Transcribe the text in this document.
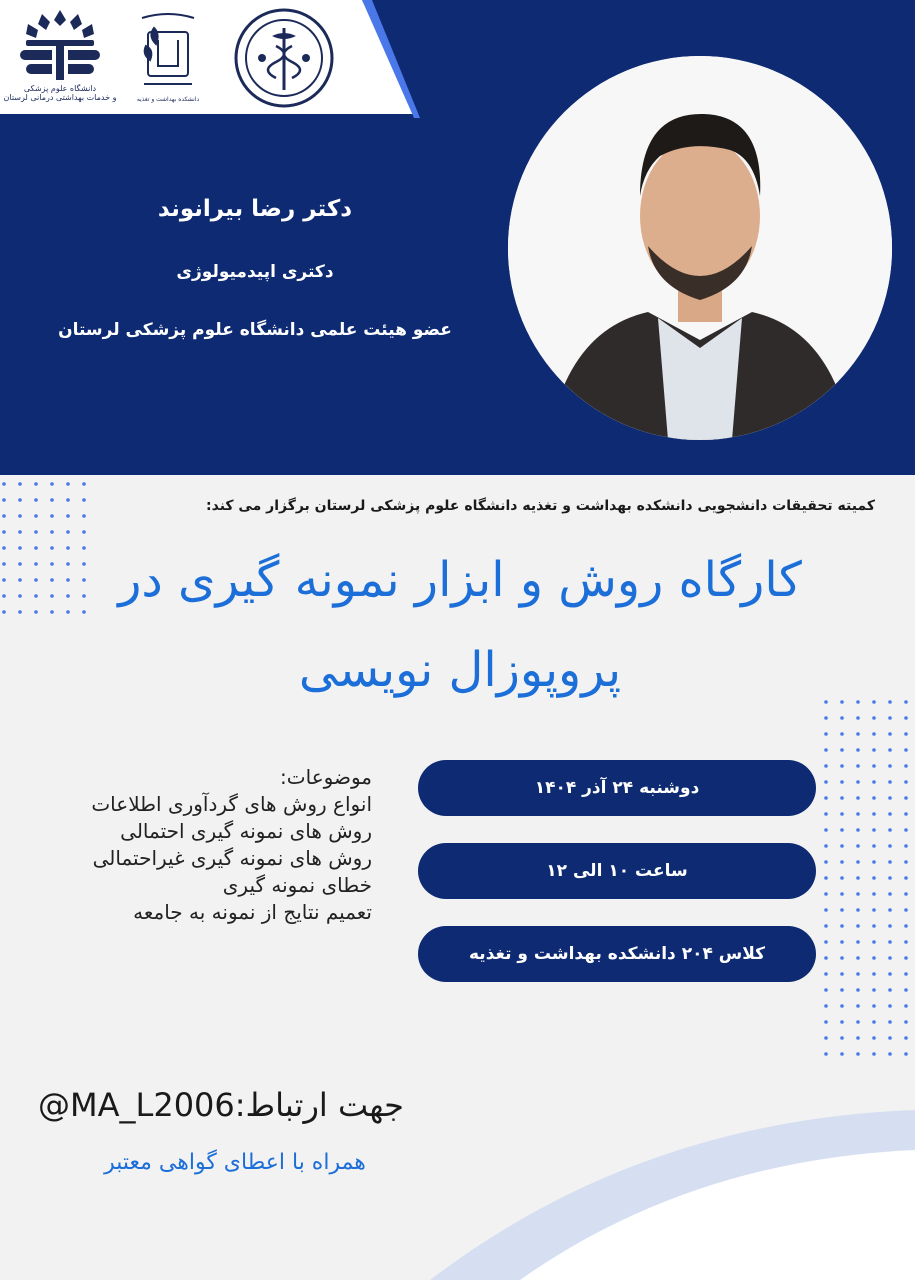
دانشگاه علوم پزشکی
و خدمات بهداشتی درمانی لرستان	دانشکده بهداشت و تغذیه
دکتر رضا بیرانوند
دکتری اپیدمیولوژی
عضو هیئت علمی دانشگاه علوم پزشکی لرستان
کمیته تحقیقات دانشجویی دانشکده بهداشت و تغذیه دانشگاه علوم پزشکی لرستان برگزار می کند:
کارگاه روش و ابزار نمونه گیری در
پروپوزال نویسی
موضوعات:
انواع روش های گردآوری اطلاعات
روش های نمونه گیری احتمالی
روش های نمونه گیری غیراحتمالی
خطای نمونه گیری
تعمیم نتایج از نمونه به جامعه
دوشنبه ۲۴ آذر ۱۴۰۴
ساعت ۱۰ الی ۱۲
کلاس ۲۰۴ دانشکده بهداشت و تغذیه
@MA_L2006:جهت ارتباط
همراه با اعطای گواهی معتبر
